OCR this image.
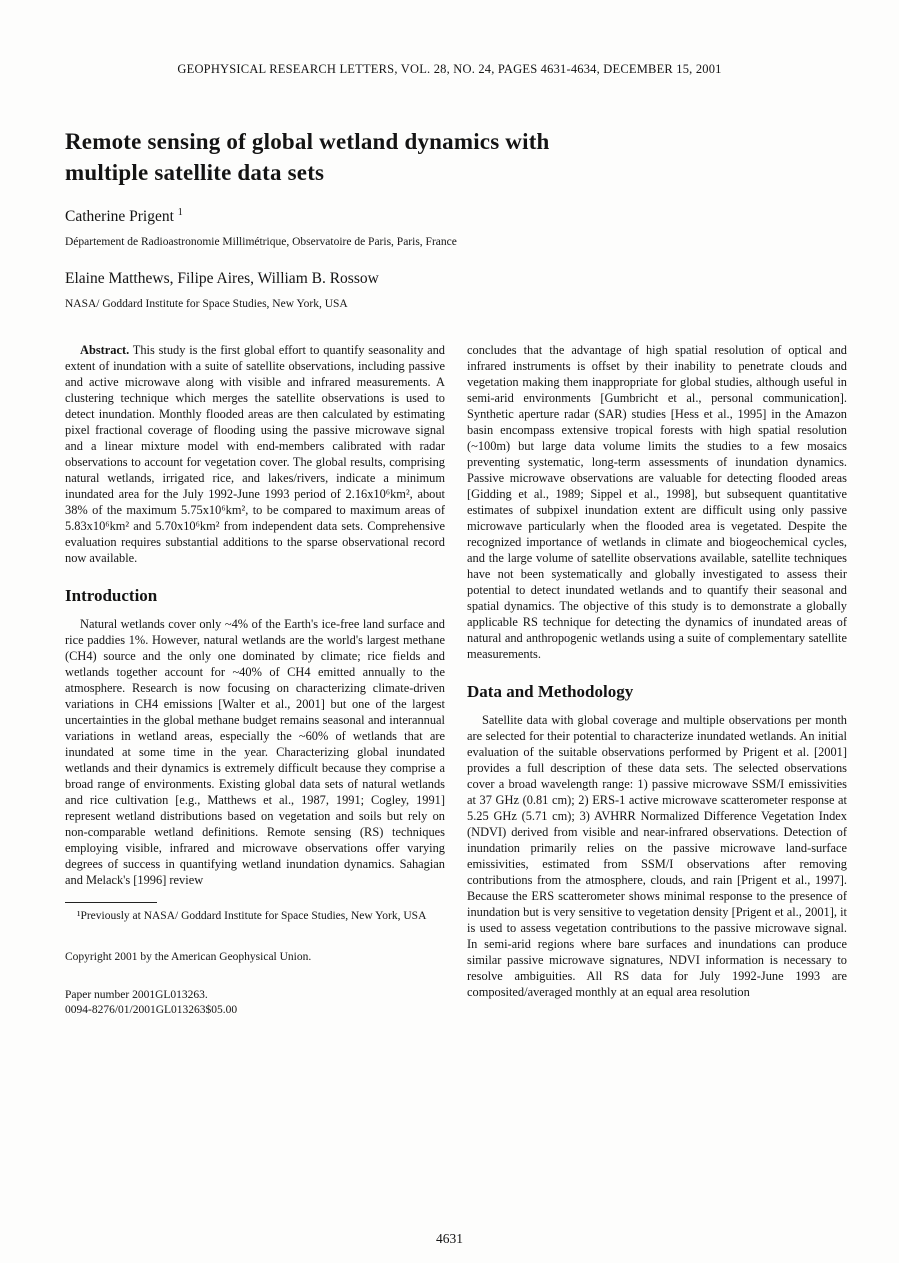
GEOPHYSICAL RESEARCH LETTERS, VOL. 28, NO. 24, PAGES 4631-4634, DECEMBER 15, 2001
Remote sensing of global wetland dynamics with
multiple satellite data sets
Catherine Prigent $^1$
Département de Radioastronomie Millimétrique, Observatoire de Paris, Paris, France
Elaine Matthews, Filipe Aires, William B. Rossow
NASA/ Goddard Institute for Space Studies, New York, USA

Abstract. This study is the first global effort to quantify seasonality and extent of inundation with a suite of satellite observations, including passive and active microwave along with visible and infrared measurements. A clustering technique which merges the satellite observations is used to detect inundation. Monthly flooded areas are then calculated by estimating pixel fractional coverage of flooding using the passive microwave signal and a linear mixture model with end-members calibrated with radar observations to account for vegetation cover. The global results, comprising natural wetlands, irrigated rice, and lakes/rivers, indicate a minimum inundated area for the July 1992-June 1993 period of 2.16x10⁶km², about 38% of the maximum 5.75x10⁶km², to be compared to maximum areas of 5.83x10⁶km² and 5.70x10⁶km² from independent data sets. Comprehensive evaluation requires substantial additions to the sparse observational record now available.

Introduction

Natural wetlands cover only ~4% of the Earth's ice-free land surface and rice paddies 1%. However, natural wetlands are the world's largest methane (CH4) source and the only one dominated by climate; rice fields and wetlands together account for ~40% of CH4 emitted annually to the atmosphere. Research is now focusing on characterizing climate-driven variations in CH4 emissions [Walter et al., 2001] but one of the largest uncertainties in the global methane budget remains seasonal and interannual variations in wetland areas, especially the ~60% of wetlands that are inundated at some time in the year. Characterizing global inundated wetlands and their dynamics is extremely difficult because they comprise a broad range of environments. Existing global data sets of natural wetlands and rice cultivation [e.g., Matthews et al., 1987, 1991; Cogley, 1991] represent wetland distributions based on vegetation and soils but rely on non-comparable wetland definitions. Remote sensing (RS) techniques employing visible, infrared and microwave observations offer varying degrees of success in quantifying wetland inundation dynamics. Sahagian and Melack's [1996] review

¹Previously at NASA/ Goddard Institute for Space Studies, New York, USA
Copyright 2001 by the American Geophysical Union.
Paper number 2001GL013263.
0094-8276/01/2001GL013263$05.00

concludes that the advantage of high spatial resolution of optical and infrared instruments is offset by their inability to penetrate clouds and vegetation making them inappropriate for global studies, although useful in semi-arid environments [Gumbricht et al., personal communication]. Synthetic aperture radar (SAR) studies [Hess et al., 1995] in the Amazon basin encompass extensive tropical forests with high spatial resolution (~100m) but large data volume limits the studies to a few mosaics preventing systematic, long-term assessments of inundation dynamics. Passive microwave observations are valuable for detecting flooded areas [Gidding et al., 1989; Sippel et al., 1998], but subsequent quantitative estimates of subpixel inundation extent are difficult using only passive microwave particularly when the flooded area is vegetated. Despite the recognized importance of wetlands in climate and biogeochemical cycles, and the large volume of satellite observations available, satellite techniques have not been systematically and globally investigated to assess their potential to detect inundated wetlands and to quantify their seasonal and spatial dynamics. The objective of this study is to demonstrate a globally applicable RS technique for detecting the dynamics of inundated areas of natural and anthropogenic wetlands using a suite of complementary satellite measurements.

Data and Methodology

Satellite data with global coverage and multiple observations per month are selected for their potential to characterize inundated wetlands. An initial evaluation of the suitable observations performed by Prigent et al. [2001] provides a full description of these data sets. The selected observations cover a broad wavelength range: 1) passive microwave SSM/I emissivities at 37 GHz (0.81 cm); 2) ERS-1 active microwave scatterometer response at 5.25 GHz (5.71 cm); 3) AVHRR Normalized Difference Vegetation Index (NDVI) derived from visible and near-infrared observations. Detection of inundation primarily relies on the passive microwave land-surface emissivities, estimated from SSM/I observations after removing contributions from the atmosphere, clouds, and rain [Prigent et al., 1997]. Because the ERS scatterometer shows minimal response to the presence of inundation but is very sensitive to vegetation density [Prigent et al., 2001], it is used to assess vegetation contributions to the passive microwave signal. In semi-arid regions where bare surfaces and inundations can produce similar passive microwave signatures, NDVI information is necessary to resolve ambiguities. All RS data for July 1992-June 1993 are composited/averaged monthly at an equal area resolution

4631
